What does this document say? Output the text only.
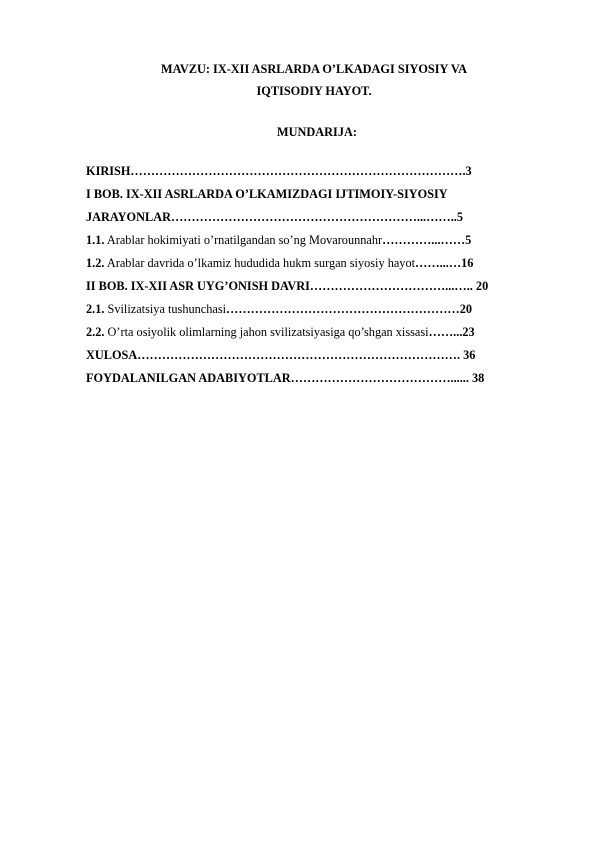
MAVZU: IX-XII ASRLARDA O’LKADAGI SIYOSIY VA
IQTISODIY HAYOT.
MUNDARIJA:
KIRISH……………………………………………………………………….3
I BOB. IX-XII ASRLARDA O’LKAMIZDAGI IJTIMOIY-SIYOSIY
JARAYONLAR……………………………………………………...……..5
1.1. Arablar hokimiyati o’rnatilgandan so’ng Movarounnahr…………...……5
1.2. Arablar davrida o’lkamiz hududida hukm surgan siyosiy hayot……...…16
II BOB. IX-XII ASR UYG’ONISH DAVRI……………………………...….. 20
2.1. Svilizatsiya tushunchasi…………………………………………………20
2.2. O’rta osiyolik olimlarning jahon svilizatsiyasiga qo’shgan xissasi……...23
XULOSA……………………………………………………………………. 36
FOYDALANILGAN ADABIYOTLAR…………………………………...... 38
